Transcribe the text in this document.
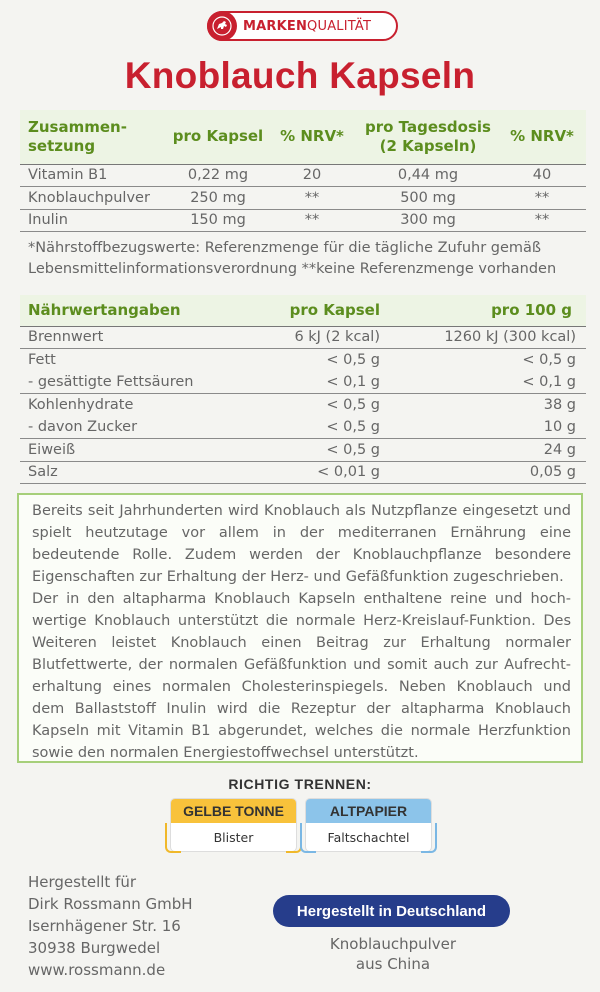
MARKENQUALITÄT
Knoblauch Kapseln
Zusammen-setzung	pro Kapsel	% NRV*	pro Tagesdosis (2 Kapseln)	% NRV*
Vitamin B1	0,22 mg	20	0,44 mg	40
Knoblauchpulver	250 mg	**	500 mg	**
Inulin	150 mg	**	300 mg	**
*Nährstoffbezugswerte: Referenzmenge für die tägliche Zufuhr gemäß
Lebensmittelinformationsverordnung **keine Referenzmenge vorhanden
Nährwertangaben	pro Kapsel	pro 100 g
Brennwert	6 kJ (2 kcal)	1260 kJ (300 kcal)
Fett	< 0,5 g	< 0,5 g
- gesättigte Fettsäuren	< 0,1 g	< 0,1 g
Kohlenhydrate	< 0,5 g	38 g
- davon Zucker	< 0,5 g	10 g
Eiweiß	< 0,5 g	24 g
Salz	< 0,01 g	0,05 g

Bereits seit Jahrhunderten wird Knoblauch als Nutzpflanze eingesetzt und spielt heutzutage vor allem in der mediterranen Ernährung eine bedeutende Rolle. Zudem werden der Knoblauchpflanze besondere Eigenschaften zur Erhaltung der Herz- und Gefäßfunktion zugeschrieben.

Der in den altapharma Knoblauch Kapseln enthaltene reine und hochwertige Knoblauch unterstützt die normale Herz-Kreislauf-Funktion. Des Weiteren leistet Knoblauch einen Beitrag zur Erhaltung normaler Blutfettwerte, der normalen Gefäßfunktion und somit auch zur Aufrechterhaltung eines normalen Cholesterinspiegels. Neben Knoblauch und dem Ballaststoff Inulin wird die Rezeptur der altapharma Knoblauch Kapseln mit Vitamin B1 abgerundet, welches die normale Herzfunktion sowie den normalen Energiestoffwechsel unterstützt.

RICHTIG TRENNEN:
GELBE TONNE
Blister
ALTPAPIER
Faltschachtel
Hergestellt für
Dirk Rossmann GmbH
Isernhägener Str. 16
30938 Burgwedel
www.rossmann.de
Hergestellt in Deutschland
Knoblauchpulver
aus China
